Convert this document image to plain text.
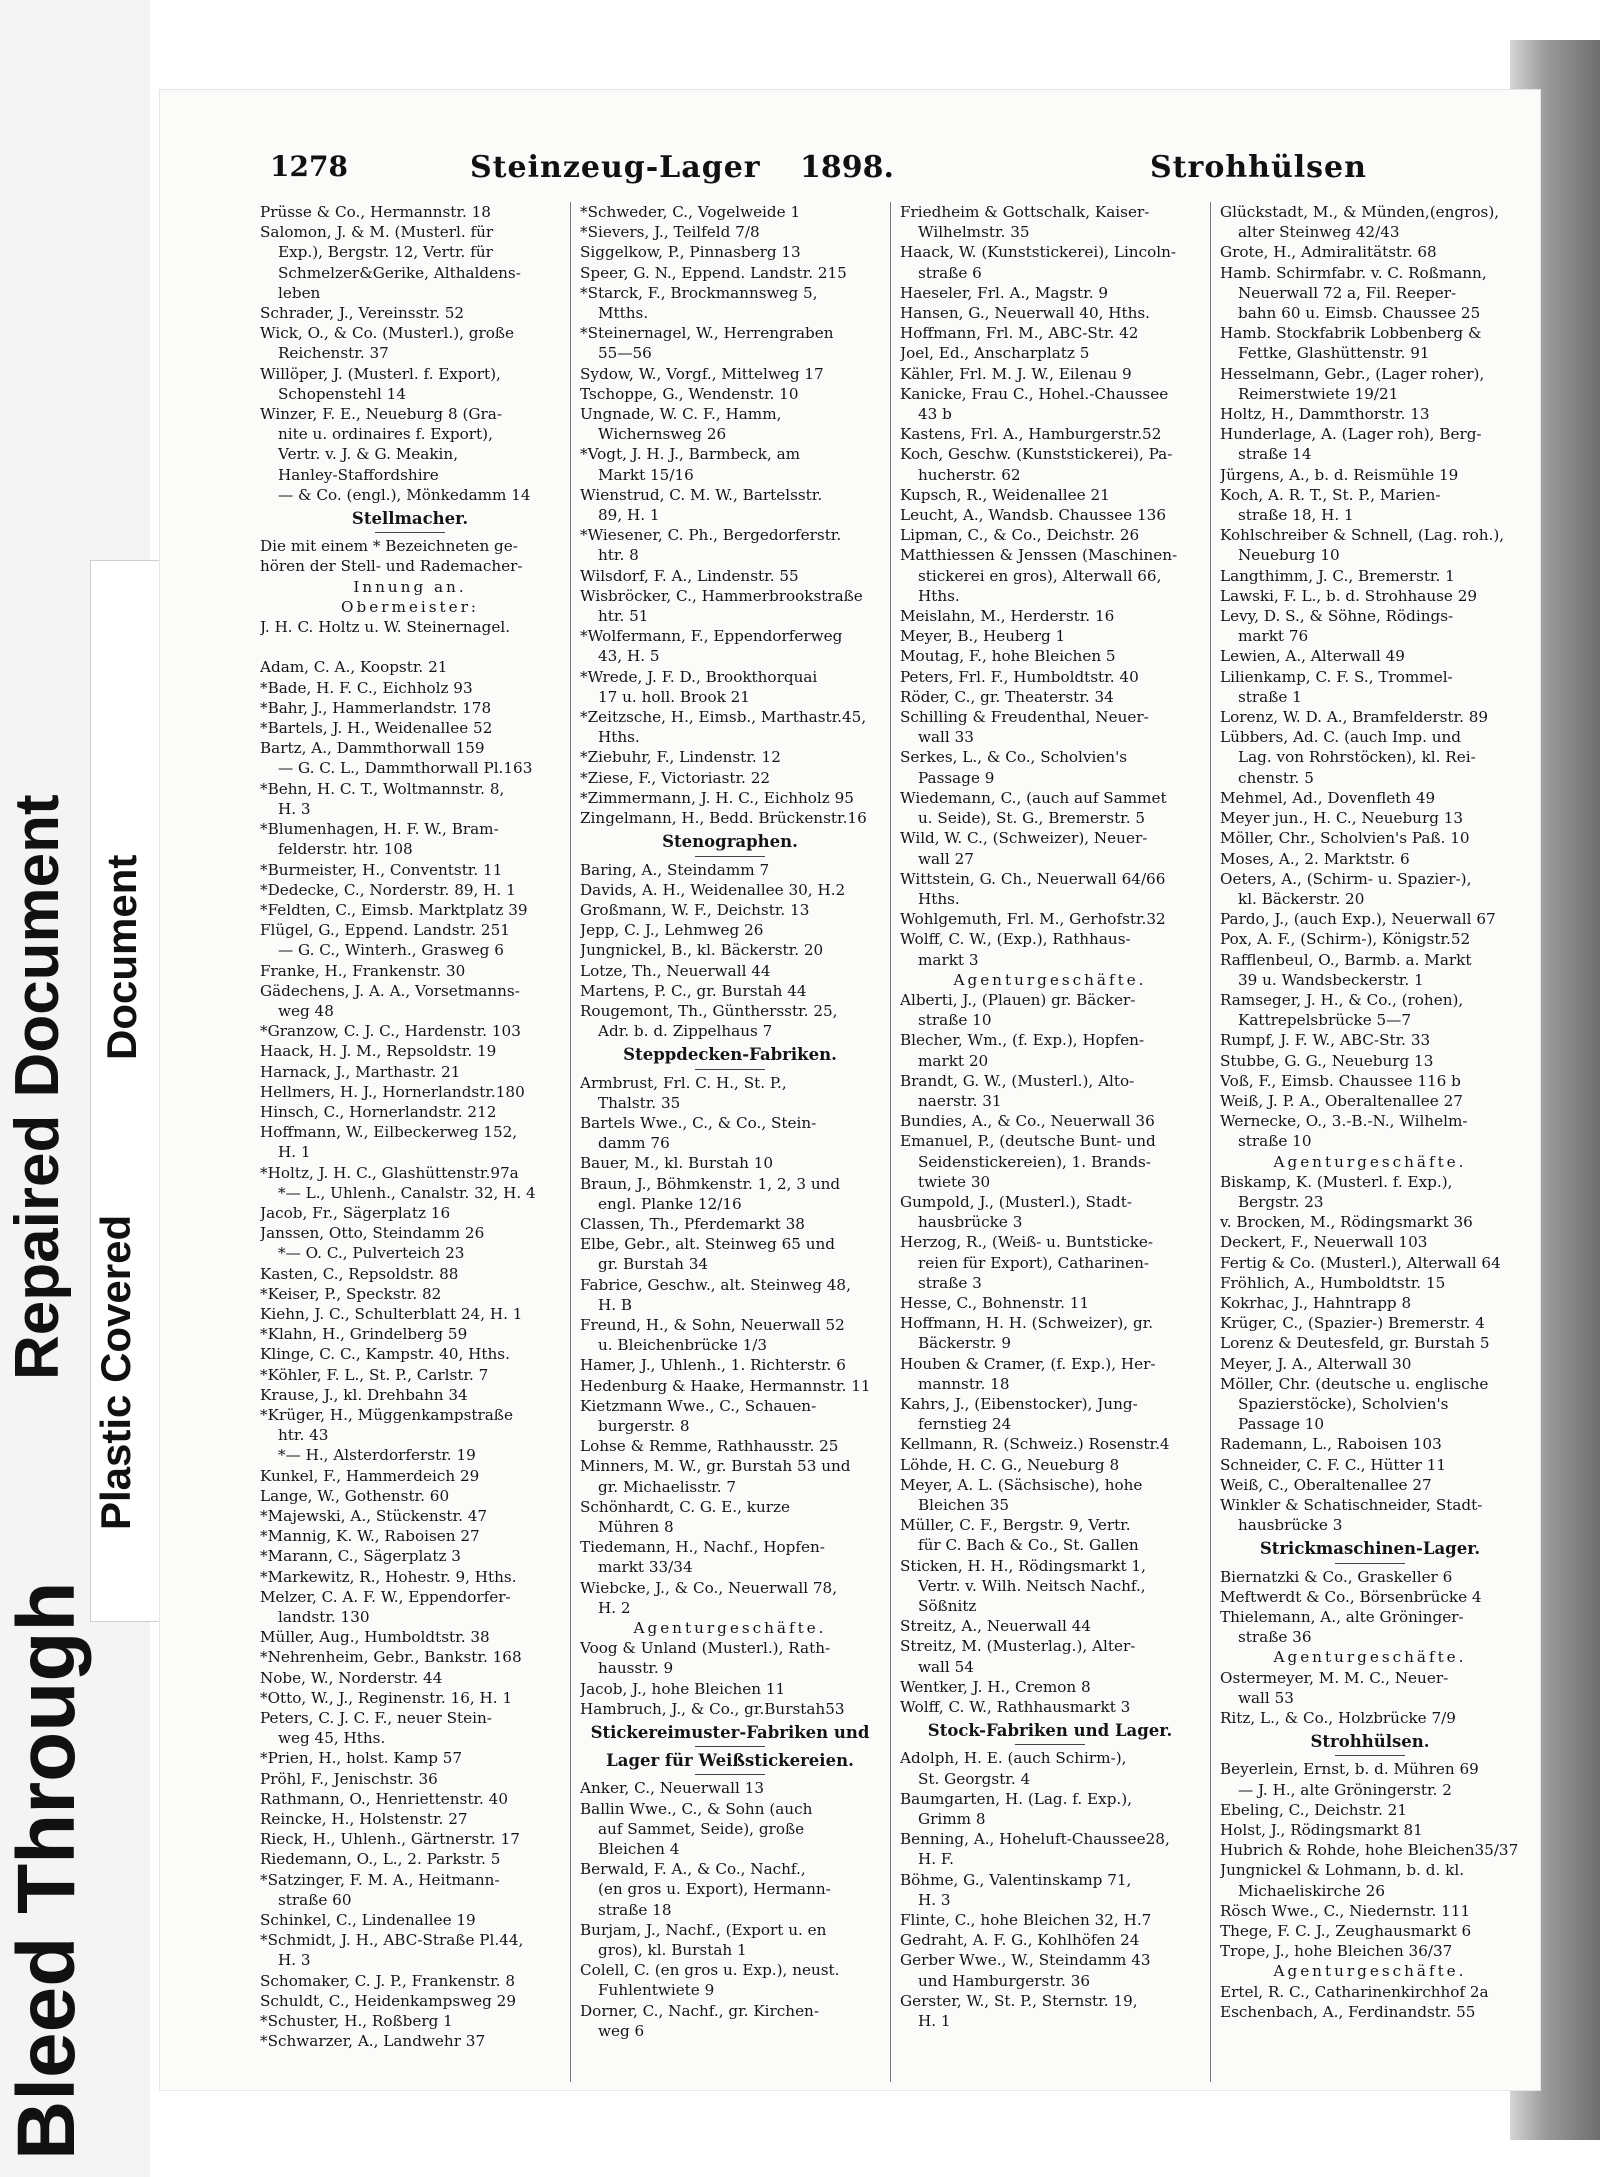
Bleed Through
Repaired Document Plastic Covered
Document
1278	Steinzeug-Lager 1898.	Strohhülsen
Prüsse & Co., Hermannstr. 18
Salomon, J. & M. (Musterl. für
Exp.), Bergstr. 12, Vertr. für
Schmelzer&Gerike, Althaldens-
leben
Schrader, J., Vereinsstr. 52
Wick, O., & Co. (Musterl.), große
Reichenstr. 37
Willöper, J. (Musterl. f. Export),
Schopenstehl 14
Winzer, F. E., Neueburg 8 (Gra-
nite u. ordinaires f. Export),
Vertr. v. J. & G. Meakin,
Hanley-Staffordshire
— & Co. (engl.), Mönkedamm 14
Stellmacher.
Die mit einem * Bezeichneten ge-
hören der Stell- und Rademacher-
Innung an.
Obermeister:
J. H. C. Holtz u. W. Steinernagel.

Adam, C. A., Koopstr. 21
*Bade, H. F. C., Eichholz 93
*Bahr, J., Hammerlandstr. 178
*Bartels, J. H., Weidenallee 52
Bartz, A., Dammthorwall 159
— G. C. L., Dammthorwall Pl.163
*Behn, H. C. T., Woltmannstr. 8,
H. 3
*Blumenhagen, H. F. W., Bram-
felderstr. htr. 108
*Burmeister, H., Conventstr. 11
*Dedecke, C., Norderstr. 89, H. 1
*Feldten, C., Eimsb. Marktplatz 39
Flügel, G., Eppend. Landstr. 251
— G. C., Winterh., Grasweg 6
Franke, H., Frankenstr. 30
Gädechens, J. A. A., Vorsetmanns-
weg 48
*Granzow, C. J. C., Hardenstr. 103
Haack, H. J. M., Repsoldstr. 19
Harnack, J., Marthastr. 21
Hellmers, H. J., Hornerlandstr.180
Hinsch, C., Hornerlandstr. 212
Hoffmann, W., Eilbeckerweg 152,
H. 1
*Holtz, J. H. C., Glashüttenstr.97a
*— L., Uhlenh., Canalstr. 32, H. 4
Jacob, Fr., Sägerplatz 16
Janssen, Otto, Steindamm 26
*— O. C., Pulverteich 23
Kasten, C., Repsoldstr. 88
*Keiser, P., Speckstr. 82
Kiehn, J. C., Schulterblatt 24, H. 1
*Klahn, H., Grindelberg 59
Klinge, C. C., Kampstr. 40, Hths.
*Köhler, F. L., St. P., Carlstr. 7
Krause, J., kl. Drehbahn 34
*Krüger, H., Müggenkampstraße
htr. 43
*— H., Alsterdorferstr. 19
Kunkel, F., Hammerdeich 29
Lange, W., Gothenstr. 60
*Majewski, A., Stückenstr. 47
*Mannig, K. W., Raboisen 27
*Marann, C., Sägerplatz 3
*Markewitz, R., Hohestr. 9, Hths.
Melzer, C. A. F. W., Eppendorfer-
landstr. 130
Müller, Aug., Humboldtstr. 38
*Nehrenheim, Gebr., Bankstr. 168
Nobe, W., Norderstr. 44
*Otto, W., J., Reginenstr. 16, H. 1
Peters, C. J. C. F., neuer Stein-
weg 45, Hths.
*Prien, H., holst. Kamp 57
Pröhl, F., Jenischstr. 36
Rathmann, O., Henriettenstr. 40
Reincke, H., Holstenstr. 27
Rieck, H., Uhlenh., Gärtnerstr. 17
Riedemann, O., L., 2. Parkstr. 5
*Satzinger, F. M. A., Heitmann-
straße 60
Schinkel, C., Lindenallee 19
*Schmidt, J. H., ABC-Straße Pl.44,
H. 3
Schomaker, C. J. P., Frankenstr. 8
Schuldt, C., Heidenkampsweg 29
*Schuster, H., Roßberg 1
*Schwarzer, A., Landwehr 37
*Schweder, C., Vogelweide 1
*Sievers, J., Teilfeld 7/8
Siggelkow, P., Pinnasberg 13
Speer, G. N., Eppend. Landstr. 215
*Starck, F., Brockmannsweg 5,
Mtths.
*Steinernagel, W., Herrengraben
55—56
Sydow, W., Vorgf., Mittelweg 17
Tschoppe, G., Wendenstr. 10
Ungnade, W. C. F., Hamm,
Wichernsweg 26
*Vogt, J. H. J., Barmbeck, am
Markt 15/16
Wienstrud, C. M. W., Bartelsstr.
89, H. 1
*Wiesener, C. Ph., Bergedorferstr.
htr. 8
Wilsdorf, F. A., Lindenstr. 55
Wisbröcker, C., Hammerbrookstraße
htr. 51
*Wolfermann, F., Eppendorferweg
43, H. 5
*Wrede, J. F. D., Brookthorquai
17 u. holl. Brook 21
*Zeitzsche, H., Eimsb., Marthastr.45,
Hths.
*Ziebuhr, F., Lindenstr. 12
*Ziese, F., Victoriastr. 22
*Zimmermann, J. H. C., Eichholz 95
Zingelmann, H., Bedd. Brückenstr.16
Stenographen.
Baring, A., Steindamm 7
Davids, A. H., Weidenallee 30, H.2
Großmann, W. F., Deichstr. 13
Jepp, C. J., Lehmweg 26
Jungnickel, B., kl. Bäckerstr. 20
Lotze, Th., Neuerwall 44
Martens, P. C., gr. Burstah 44
Rougemont, Th., Günthersstr. 25,
Adr. b. d. Zippelhaus 7
Steppdecken-Fabriken.
Armbrust, Frl. C. H., St. P.,
Thalstr. 35
Bartels Wwe., C., & Co., Stein-
damm 76
Bauer, M., kl. Burstah 10
Braun, J., Böhmkenstr. 1, 2, 3 und
engl. Planke 12/16
Classen, Th., Pferdemarkt 38
Elbe, Gebr., alt. Steinweg 65 und
gr. Burstah 34
Fabrice, Geschw., alt. Steinweg 48,
H. B
Freund, H., & Sohn, Neuerwall 52
u. Bleichenbrücke 1/3
Hamer, J., Uhlenh., 1. Richterstr. 6
Hedenburg & Haake, Hermannstr. 11
Kietzmann Wwe., C., Schauen-
burgerstr. 8
Lohse & Remme, Rathhausstr. 25
Minners, M. W., gr. Burstah 53 und
gr. Michaelisstr. 7
Schönhardt, C. G. E., kurze
Mühren 8
Tiedemann, H., Nachf., Hopfen-
markt 33/34
Wiebcke, J., & Co., Neuerwall 78,
H. 2
Agenturgeschäfte.
Voog & Unland (Musterl.), Rath-
hausstr. 9
Jacob, J., hohe Bleichen 11
Hambruch, J., & Co., gr.Burstah53
Stickereimuster-Fabriken und
Lager für Weißstickereien.
Anker, C., Neuerwall 13
Ballin Wwe., C., & Sohn (auch
auf Sammet, Seide), große
Bleichen 4
Berwald, F. A., & Co., Nachf.,
(en gros u. Export), Hermann-
straße 18
Burjam, J., Nachf., (Export u. en
gros), kl. Burstah 1
Colell, C. (en gros u. Exp.), neust.
Fuhlentwiete 9
Dorner, C., Nachf., gr. Kirchen-
weg 6
Friedheim & Gottschalk, Kaiser-
Wilhelmstr. 35
Haack, W. (Kunststickerei), Lincoln-
straße 6
Haeseler, Frl. A., Magstr. 9
Hansen, G., Neuerwall 40, Hths.
Hoffmann, Frl. M., ABC-Str. 42
Joel, Ed., Anscharplatz 5
Kähler, Frl. M. J. W., Eilenau 9
Kanicke, Frau C., Hohel.-Chaussee
43 b
Kastens, Frl. A., Hamburgerstr.52
Koch, Geschw. (Kunststickerei), Pa-
hucherstr. 62
Kupsch, R., Weidenallee 21
Leucht, A., Wandsb. Chaussee 136
Lipman, C., & Co., Deichstr. 26
Matthiessen & Jenssen (Maschinen-
stickerei en gros), Alterwall 66,
Hths.
Meislahn, M., Herderstr. 16
Meyer, B., Heuberg 1
Moutag, F., hohe Bleichen 5
Peters, Frl. F., Humboldtstr. 40
Röder, C., gr. Theaterstr. 34
Schilling & Freudenthal, Neuer-
wall 33
Serkes, L., & Co., Scholvien's
Passage 9
Wiedemann, C., (auch auf Sammet
u. Seide), St. G., Bremerstr. 5
Wild, W. C., (Schweizer), Neuer-
wall 27
Wittstein, G. Ch., Neuerwall 64/66
Hths.
Wohlgemuth, Frl. M., Gerhofstr.32
Wolff, C. W., (Exp.), Rathhaus-
markt 3
Agenturgeschäfte.
Alberti, J., (Plauen) gr. Bäcker-
straße 10
Blecher, Wm., (f. Exp.), Hopfen-
markt 20
Brandt, G. W., (Musterl.), Alto-
naerstr. 31
Bundies, A., & Co., Neuerwall 36
Emanuel, P., (deutsche Bunt- und
Seidenstickereien), 1. Brands-
twiete 30
Gumpold, J., (Musterl.), Stadt-
hausbrücke 3
Herzog, R., (Weiß- u. Buntsticke-
reien für Export), Catharinen-
straße 3
Hesse, C., Bohnenstr. 11
Hoffmann, H. H. (Schweizer), gr.
Bäckerstr. 9
Houben & Cramer, (f. Exp.), Her-
mannstr. 18
Kahrs, J., (Eibenstocker), Jung-
fernstieg 24
Kellmann, R. (Schweiz.) Rosenstr.4
Löhde, H. C. G., Neueburg 8
Meyer, A. L. (Sächsische), hohe
Bleichen 35
Müller, C. F., Bergstr. 9, Vertr.
für C. Bach & Co., St. Gallen
Sticken, H. H., Rödingsmarkt 1,
Vertr. v. Wilh. Neitsch Nachf.,
Sößnitz
Streitz, A., Neuerwall 44
Streitz, M. (Musterlag.), Alter-
wall 54
Wentker, J. H., Cremon 8
Wolff, C. W., Rathhausmarkt 3
Stock-Fabriken und Lager.
Adolph, H. E. (auch Schirm-),
St. Georgstr. 4
Baumgarten, H. (Lag. f. Exp.),
Grimm 8
Benning, A., Hoheluft-Chaussee28,
H. F.
Böhme, G., Valentinskamp 71,
H. 3
Flinte, C., hohe Bleichen 32, H.7
Gedraht, A. F. G., Kohlhöfen 24
Gerber Wwe., W., Steindamm 43
und Hamburgerstr. 36
Gerster, W., St. P., Sternstr. 19,
H. 1
Glückstadt, M., & Münden,(engros),
alter Steinweg 42/43
Grote, H., Admiralitätstr. 68
Hamb. Schirmfabr. v. C. Roßmann,
Neuerwall 72 a, Fil. Reeper-
bahn 60 u. Eimsb. Chaussee 25
Hamb. Stockfabrik Lobbenberg &
Fettke, Glashüttenstr. 91
Hesselmann, Gebr., (Lager roher),
Reimerstwiete 19/21
Holtz, H., Dammthorstr. 13
Hunderlage, A. (Lager roh), Berg-
straße 14
Jürgens, A., b. d. Reismühle 19
Koch, A. R. T., St. P., Marien-
straße 18, H. 1
Kohlschreiber & Schnell, (Lag. roh.),
Neueburg 10
Langthimm, J. C., Bremerstr. 1
Lawski, F. L., b. d. Strohhause 29
Levy, D. S., & Söhne, Rödings-
markt 76
Lewien, A., Alterwall 49
Lilienkamp, C. F. S., Trommel-
straße 1
Lorenz, W. D. A., Bramfelderstr. 89
Lübbers, Ad. C. (auch Imp. und
Lag. von Rohrstöcken), kl. Rei-
chenstr. 5
Mehmel, Ad., Dovenfleth 49
Meyer jun., H. C., Neueburg 13
Möller, Chr., Scholvien's Paß. 10
Moses, A., 2. Marktstr. 6
Oeters, A., (Schirm- u. Spazier-),
kl. Bäckerstr. 20
Pardo, J., (auch Exp.), Neuerwall 67
Pox, A. F., (Schirm-), Königstr.52
Rafflenbeul, O., Barmb. a. Markt
39 u. Wandsbeckerstr. 1
Ramseger, J. H., & Co., (rohen),
Kattrepelsbrücke 5—7
Rumpf, J. F. W., ABC-Str. 33
Stubbe, G. G., Neueburg 13
Voß, F., Eimsb. Chaussee 116 b
Weiß, J. P. A., Oberaltenallee 27
Wernecke, O., 3.-B.-N., Wilhelm-
straße 10
Agenturgeschäfte.
Biskamp, K. (Musterl. f. Exp.),
Bergstr. 23
v. Brocken, M., Rödingsmarkt 36
Deckert, F., Neuerwall 103
Fertig & Co. (Musterl.), Alterwall 64
Fröhlich, A., Humboldtstr. 15
Kokrhac, J., Hahntrapp 8
Krüger, C., (Spazier-) Bremerstr. 4
Lorenz & Deutesfeld, gr. Burstah 5
Meyer, J. A., Alterwall 30
Möller, Chr. (deutsche u. englische
Spazierstöcke), Scholvien's
Passage 10
Rademann, L., Raboisen 103
Schneider, C. F. C., Hütter 11
Weiß, C., Oberaltenallee 27
Winkler & Schatischneider, Stadt-
hausbrücke 3
Strickmaschinen-Lager.
Biernatzki & Co., Graskeller 6
Meftwerdt & Co., Börsenbrücke 4
Thielemann, A., alte Gröninger-
straße 36
Agenturgeschäfte.
Ostermeyer, M. M. C., Neuer-
wall 53
Ritz, L., & Co., Holzbrücke 7/9
Strohhülsen.
Beyerlein, Ernst, b. d. Mühren 69
— J. H., alte Gröningerstr. 2
Ebeling, C., Deichstr. 21
Holst, J., Rödingsmarkt 81
Hubrich & Rohde, hohe Bleichen35/37
Jungnickel & Lohmann, b. d. kl.
Michaeliskirche 26
Rösch Wwe., C., Niedernstr. 111
Thege, F. C. J., Zeughausmarkt 6
Trope, J., hohe Bleichen 36/37
Agenturgeschäfte.
Ertel, R. C., Catharinenkirchhof 2a
Eschenbach, A., Ferdinandstr. 55
